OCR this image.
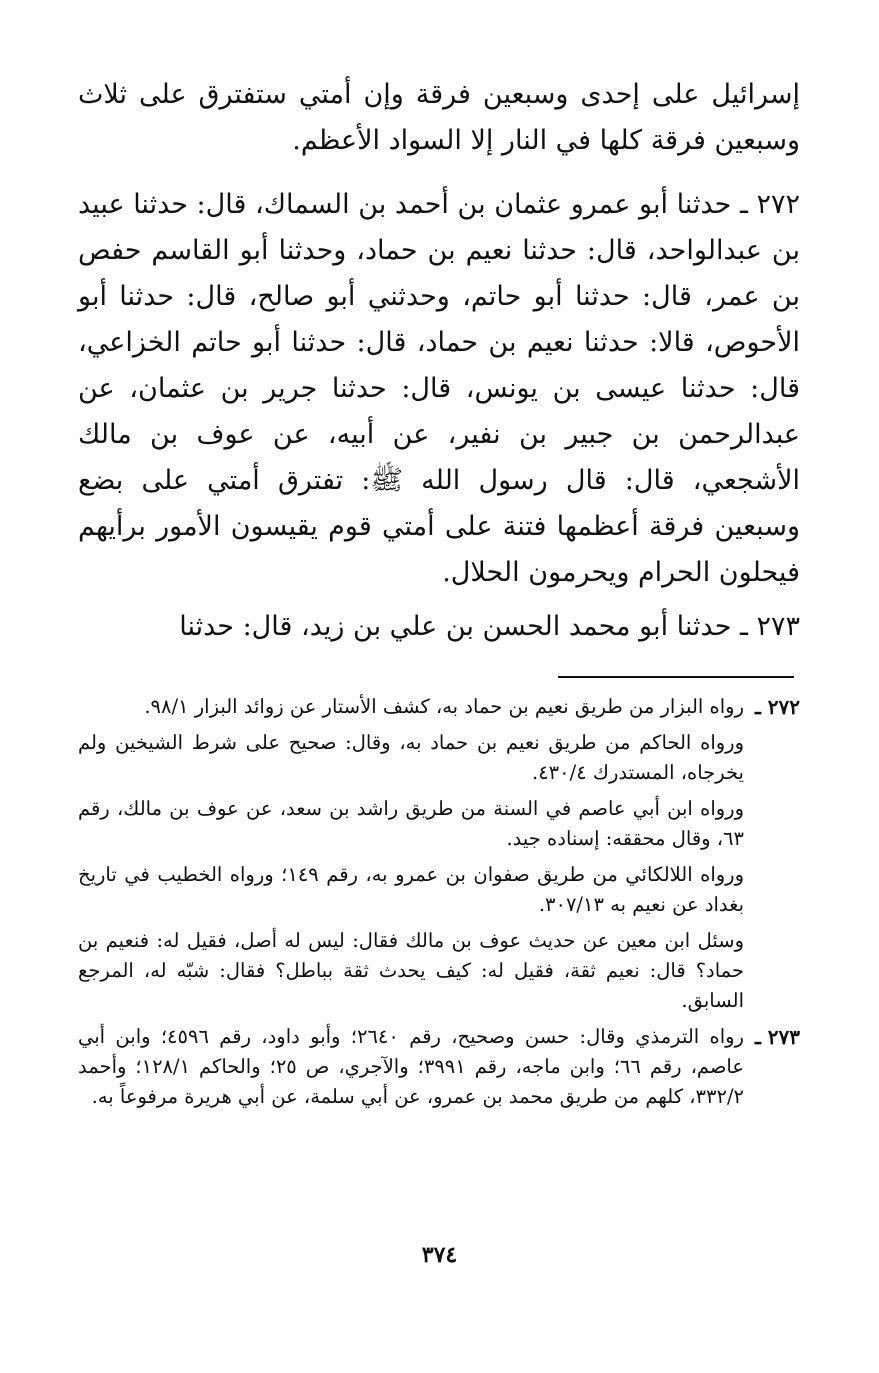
إسرائيل على إحدى وسبعين فرقة وإن أمتي ستفترق على ثلاث وسبعين فرقة كلها في النار إلا السواد الأعظم.

٢٧٢ ـ حدثنا أبو عمرو عثمان بن أحمد بن السماك، قال: حدثنا عبيد بن عبدالواحد، قال: حدثنا نعيم بن حماد، وحدثنا أبو القاسم حفص بن عمر، قال: حدثنا أبو حاتم، وحدثني أبو صالح، قال: حدثنا أبو الأحوص، قالا: حدثنا نعيم بن حماد، قال: حدثنا أبو حاتم الخزاعي، قال: حدثنا عيسى بن يونس، قال: حدثنا جرير بن عثمان، عن عبدالرحمن بن جبير بن نفير، عن أبيه، عن عوف بن مالك الأشجعي، قال: قال رسول الله ﷺ: تفترق أمتي على بضع وسبعين فرقة أعظمها فتنة على أمتي قوم يقيسون الأمور برأيهم فيحلون الحرام ويحرمون الحلال.

٢٧٣ ـ حدثنا أبو محمد الحسن بن علي بن زيد، قال: حدثنا

٢٧٢ ـ

رواه البزار من طريق نعيم بن حماد به، كشف الأستار عن زوائد البزار ٩٨/١.

ورواه الحاكم من طريق نعيم بن حماد به، وقال: صحيح على شرط الشيخين ولم يخرجاه، المستدرك ٤٣٠/٤.

ورواه ابن أبي عاصم في السنة من طريق راشد بن سعد، عن عوف بن مالك، رقم ٦٣، وقال محققه: إسناده جيد.

ورواه اللالكائي من طريق صفوان بن عمرو به، رقم ١٤٩؛ ورواه الخطيب في تاريخ بغداد عن نعيم به ٣٠٧/١٣.

وسئل ابن معين عن حديث عوف بن مالك فقال: ليس له أصل، فقيل له: فنعيم بن حماد؟ قال: نعيم ثقة، فقيل له: كيف يحدث ثقة بباطل؟ فقال: شبّه له، المرجع السابق.

٢٧٣ ـ

رواه الترمذي وقال: حسن وصحيح، رقم ٢٦٤٠؛ وأبو داود، رقم ٤٥٩٦؛ وابن أبي عاصم، رقم ٦٦؛ وابن ماجه، رقم ٣٩٩١؛ والآجري، ص ٢٥؛ والحاكم ١٢٨/١؛ وأحمد ٣٣٢/٢، كلهم من طريق محمد بن عمرو، عن أبي سلمة، عن أبي هريرة مرفوعاً به.

٣٧٤
